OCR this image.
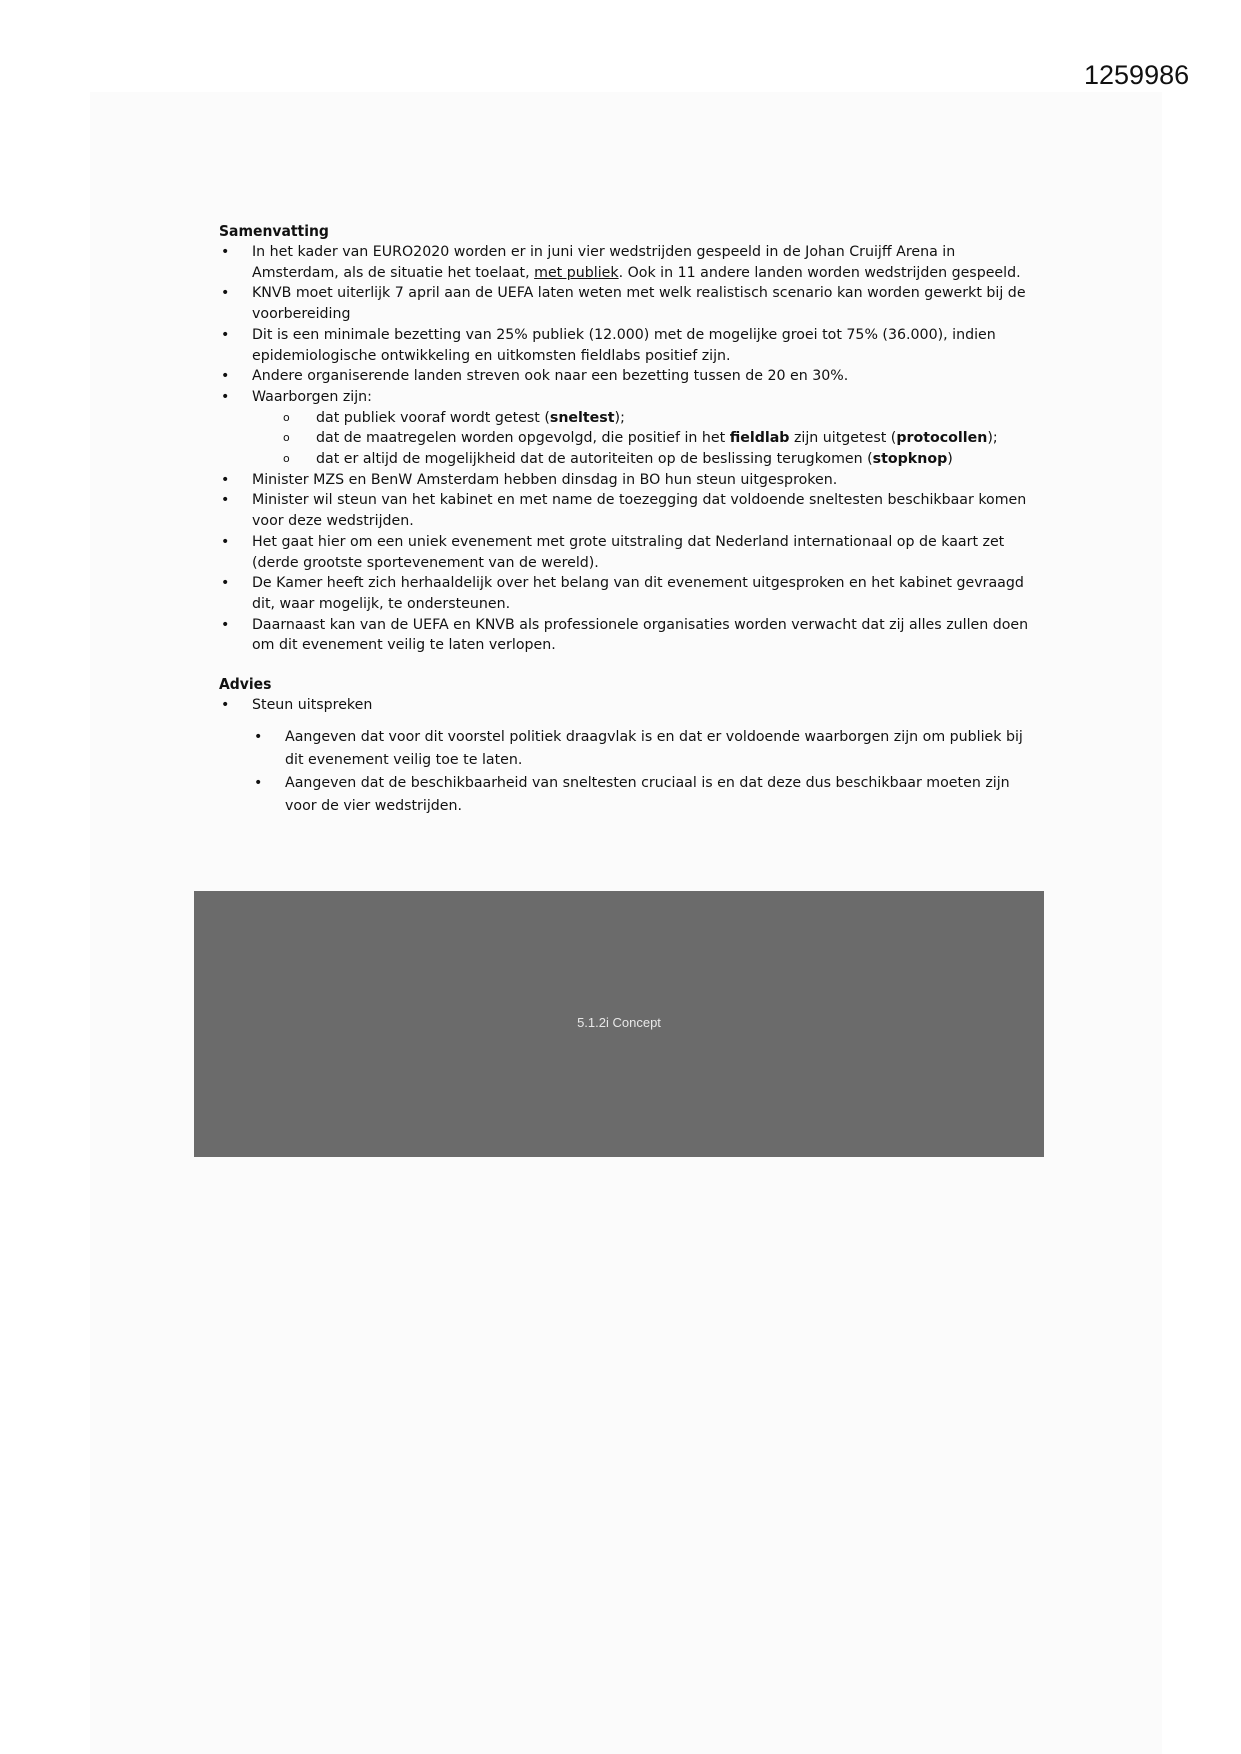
1259986
Samenvatting
• In het kader van EURO2020 worden er in juni vier wedstrijden gespeeld in de Johan Cruijff Arena in Amsterdam, als de situatie het toelaat, met publiek. Ook in 11 andere landen worden wedstrijden gespeeld.
• KNVB moet uiterlijk 7 april aan de UEFA laten weten met welk realistisch scenario kan worden gewerkt bij de voorbereiding
• Dit is een minimale bezetting van 25% publiek (12.000) met de mogelijke groei tot 75% (36.000), indien epidemiologische ontwikkeling en uitkomsten fieldlabs positief zijn.
• Andere organiserende landen streven ook naar een bezetting tussen de 20 en 30%.
• Waarborgen zijn:
o dat publiek vooraf wordt getest (sneltest);
o dat de maatregelen worden opgevolgd, die positief in het fieldlab zijn uitgetest (protocollen);
o dat er altijd de mogelijkheid dat de autoriteiten op de beslissing terugkomen (stopknop)
• Minister MZS en BenW Amsterdam hebben dinsdag in BO hun steun uitgesproken.
• Minister wil steun van het kabinet en met name de toezegging dat voldoende sneltesten beschikbaar komen voor deze wedstrijden.
• Het gaat hier om een uniek evenement met grote uitstraling dat Nederland internationaal op de kaart zet (derde grootste sportevenement van de wereld).
• De Kamer heeft zich herhaaldelijk over het belang van dit evenement uitgesproken en het kabinet gevraagd dit, waar mogelijk, te ondersteunen.
• Daarnaast kan van de UEFA en KNVB als professionele organisaties worden verwacht dat zij alles zullen doen om dit evenement veilig te laten verlopen.
Advies
• Steun uitspreken
• Aangeven dat voor dit voorstel politiek draagvlak is en dat er voldoende waarborgen zijn om publiek bij dit evenement veilig toe te laten.
• Aangeven dat de beschikbaarheid van sneltesten cruciaal is en dat deze dus beschikbaar moeten zijn voor de vier wedstrijden.
5.1.2i Concept
